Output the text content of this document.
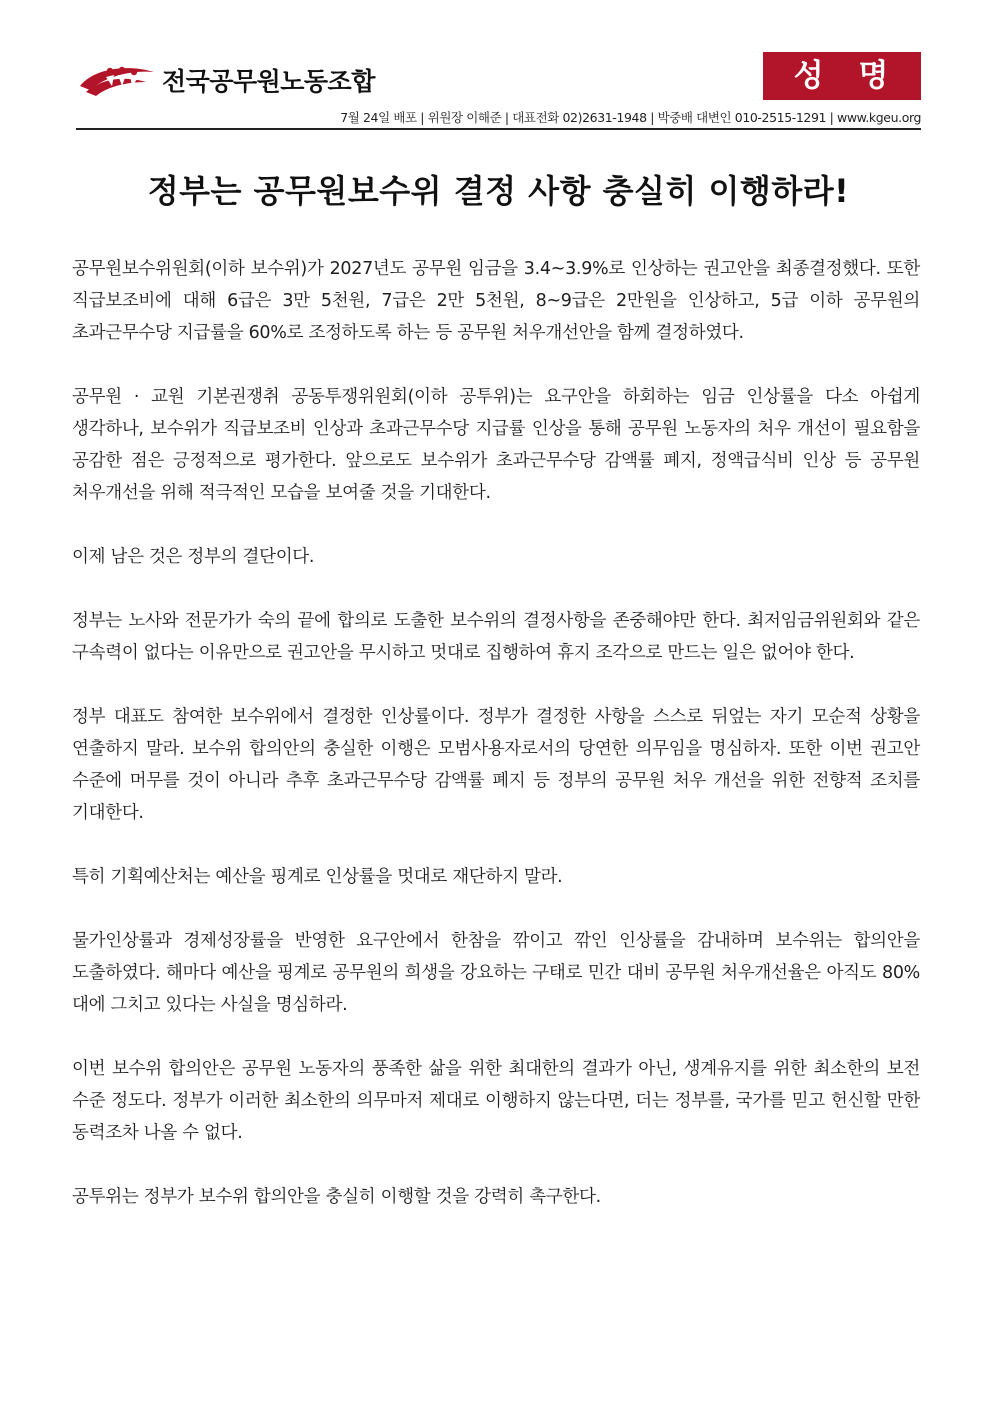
전국공무원노동조합	성 명
7월 24일 배포 | 위원장 이해준 | 대표전화 02)2631-1948 | 박중배 대변인 010-2515-1291 | www.kgeu.org
정부는 공무원보수위 결정 사항 충실히 이행하라!

공무원보수위원회(이하 보수위)가 2027년도 공무원 임금을 3.4~3.9%로 인상하는 권고안을 최종결정했다. 또한 직급보조비에 대해 6급은 3만 5천원, 7급은 2만 5천원, 8~9급은 2만원을 인상하고, 5급 이하 공무원의 초과근무수당 지급률을 60%로 조정하도록 하는 등 공무원 처우개선안을 함께 결정하였다.

공무원 · 교원 기본권쟁취 공동투쟁위원회(이하 공투위)는 요구안을 하회하는 임금 인상률을 다소 아쉽게 생각하나, 보수위가 직급보조비 인상과 초과근무수당 지급률 인상을 통해 공무원 노동자의 처우 개선이 필요함을 공감한 점은 긍정적으로 평가한다. 앞으로도 보수위가 초과근무수당 감액률 폐지, 정액급식비 인상 등 공무원 처우개선을 위해 적극적인 모습을 보여줄 것을 기대한다.

이제 남은 것은 정부의 결단이다.

정부는 노사와 전문가가 숙의 끝에 합의로 도출한 보수위의 결정사항을 존중해야만 한다. 최저임금위원회와 같은 구속력이 없다는 이유만으로 권고안을 무시하고 멋대로 집행하여 휴지 조각으로 만드는 일은 없어야 한다.

정부 대표도 참여한 보수위에서 결정한 인상률이다. 정부가 결정한 사항을 스스로 뒤엎는 자기 모순적 상황을 연출하지 말라. 보수위 합의안의 충실한 이행은 모범사용자로서의 당연한 의무임을 명심하자. 또한 이번 권고안 수준에 머무를 것이 아니라 추후 초과근무수당 감액률 폐지 등 정부의 공무원 처우 개선을 위한 전향적 조치를 기대한다.

특히 기획예산처는 예산을 핑계로 인상률을 멋대로 재단하지 말라.

물가인상률과 경제성장률을 반영한 요구안에서 한참을 깎이고 깎인 인상률을 감내하며 보수위는 합의안을 도출하였다. 해마다 예산을 핑계로 공무원의 희생을 강요하는 구태로 민간 대비 공무원 처우개선율은 아직도 80%대에 그치고 있다는 사실을 명심하라.

이번 보수위 합의안은 공무원 노동자의 풍족한 삶을 위한 최대한의 결과가 아닌, 생계유지를 위한 최소한의 보전 수준 정도다. 정부가 이러한 최소한의 의무마저 제대로 이행하지 않는다면, 더는 정부를, 국가를 믿고 헌신할 만한 동력조차 나올 수 없다.

공투위는 정부가 보수위 합의안을 충실히 이행할 것을 강력히 촉구한다.
